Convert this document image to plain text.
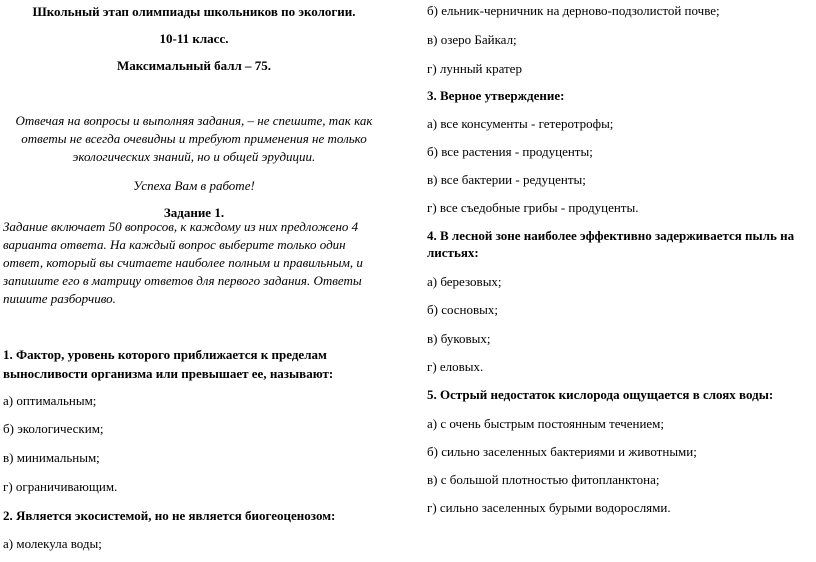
Школьный этап олимпиады школьников по экологии.
10-11 класс.
Максимальный балл – 75.
Отвечая на вопросы и выполняя задания, – не спешите, так как
ответы не всегда очевидны и требуют применения не только
экологических знаний, но и общей эрудиции.
Успеха Вам в работе!
Задание 1.
Задание включает 50 вопросов, к каждому из них предложено 4
варианта ответа. На каждый вопрос выберите только один
ответ, который вы считаете наиболее полным и правильным, и
запишите его в матрицу ответов для первого задания. Ответы
пишите разборчиво.
1. Фактор, уровень которого приближается к пределам
выносливости организма или превышает ее, называют:
а) оптимальным;
б) экологическим;
в) минимальным;
г) ограничивающим.
2. Является экосистемой, но не является биогеоценозом:
а) молекула воды;
б) ельник-черничник на дерново-подзолистой почве;
в) озеро Байкал;
г) лунный кратер
3. Верное утверждение:
а) все консументы - гетеротрофы;
б) все растения - продуценты;
в) все бактерии - редуценты;
г) все съедобные грибы - продуценты.
4. В лесной зоне наиболее эффективно задерживается пыль на
листьях:
а) березовых;
б) сосновых;
в) буковых;
г) еловых.
5. Острый недостаток кислорода ощущается в слоях воды:
а) с очень быстрым постоянным течением;
б) сильно заселенных бактериями и животными;
в) с большой плотностью фитопланктона;
г) сильно заселенных бурыми водорослями.
